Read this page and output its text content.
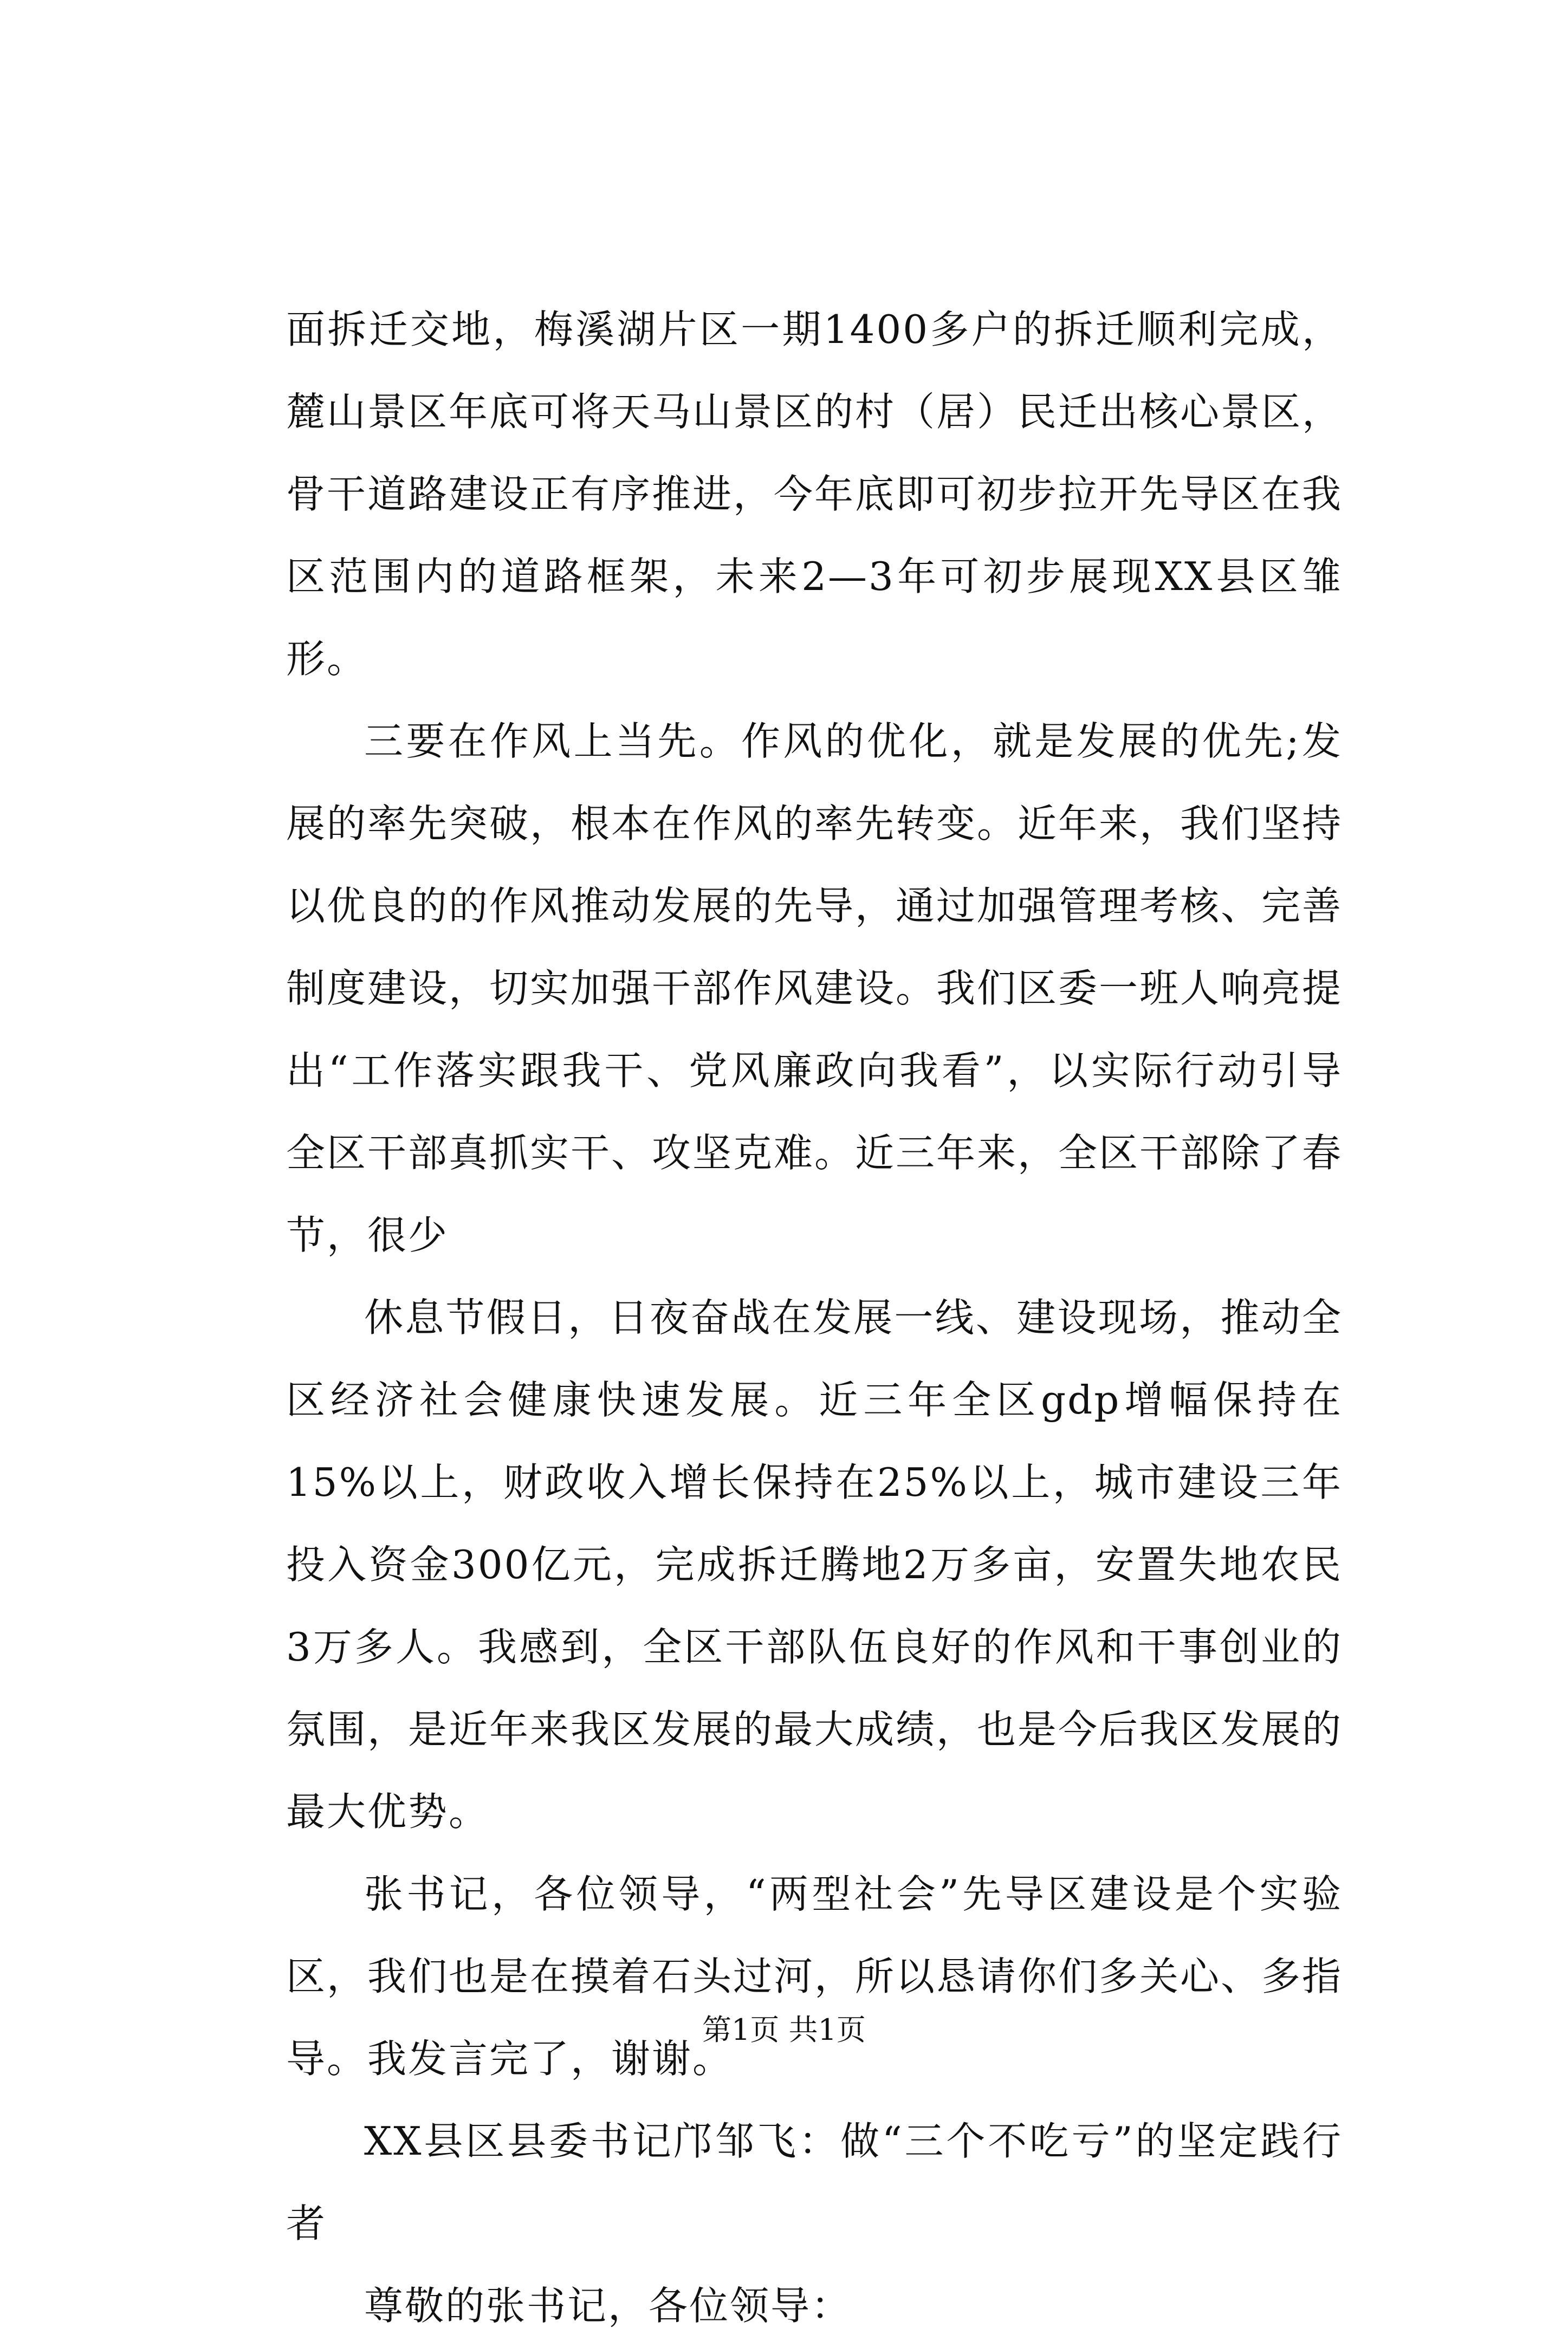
面拆迁交地，梅溪湖片区一期1400多户的拆迁顺利完成，麓山景区年底可将天马山景区的村（居）民迁出核心景区，骨干道路建设正有序推进，今年底即可初步拉开先导区在我区范围内的道路框架，未来2—3年可初步展现XX县区雏形。

三要在作风上当先。作风的优化，就是发展的优先;发展的率先突破，根本在作风的率先转变。近年来，我们坚持以优良的的作风推动发展的先导，通过加强管理考核、完善制度建设，切实加强干部作风建设。我们区委一班人响亮提出“工作落实跟我干、党风廉政向我看”，以实际行动引导全区干部真抓实干、攻坚克难。近三年来，全区干部除了春节，很少

休息节假日，日夜奋战在发展一线、建设现场，推动全区经济社会健康快速发展。近三年全区gdp增幅保持在15%以上，财政收入增长保持在25%以上，城市建设三年投入资金300亿元，完成拆迁腾地2万多亩，安置失地农民3万多人。我感到，全区干部队伍良好的作风和干事创业的氛围，是近年来我区发展的最大成绩，也是今后我区发展的最大优势。

张书记，各位领导，“两型社会”先导区建设是个实验区，我们也是在摸着石头过河，所以恳请你们多关心、多指导。我发言完了，谢谢。

XX县区县委书记邝邹飞：做“三个不吃亏”的坚定践行者

尊敬的张书记，各位领导：

第1页 共1页
